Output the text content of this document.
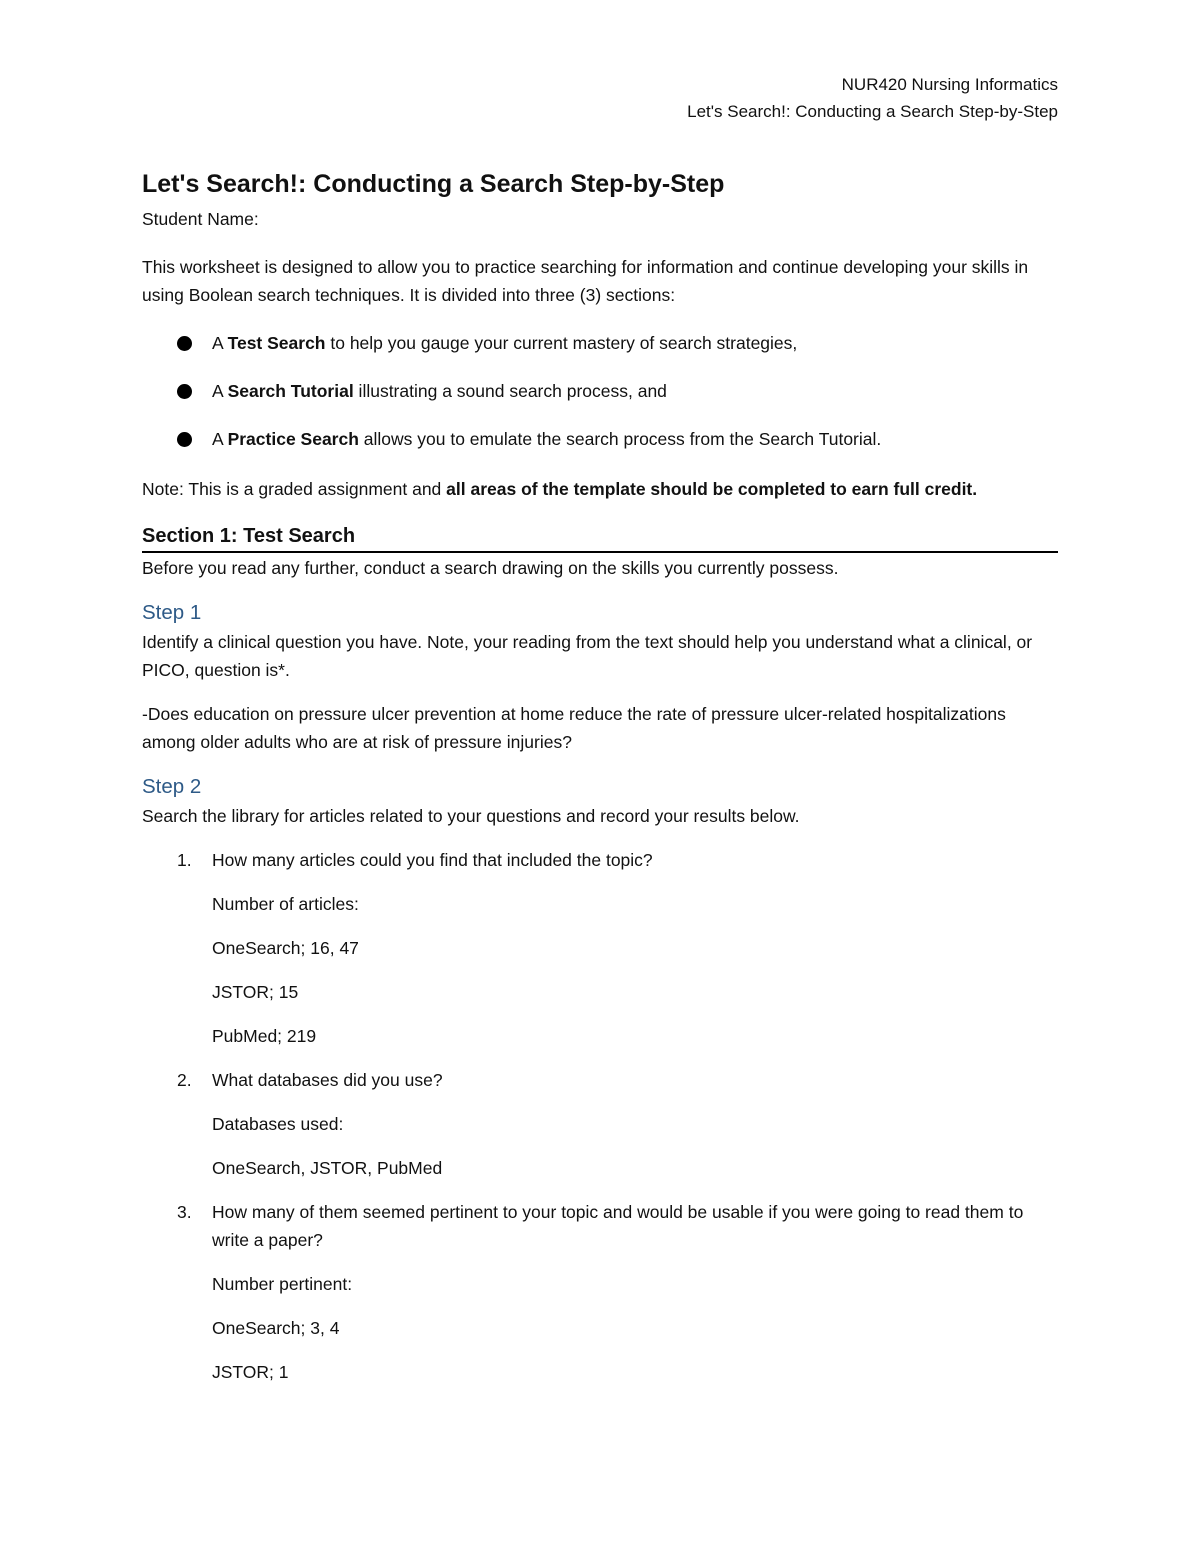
NUR420 Nursing Informatics
Let's Search!: Conducting a Search Step-by-Step
Let's Search!: Conducting a Search Step-by-Step

Student Name:

This worksheet is designed to allow you to practice searching for information and continue developing your skills in using Boolean search techniques. It is divided into three (3) sections:

A Test Search to help you gauge your current mastery of search strategies,
A Search Tutorial illustrating a sound search process, and
A Practice Search allows you to emulate the search process from the Search Tutorial.

Note: This is a graded assignment and all areas of the template should be completed to earn full credit.

Section 1: Test Search

Before you read any further, conduct a search drawing on the skills you currently possess.

Step 1

Identify a clinical question you have. Note, your reading from the text should help you understand what a clinical, or PICO, question is*.

-Does education on pressure ulcer prevention at home reduce the rate of pressure ulcer-related hospitalizations among older adults who are at risk of pressure injuries?

Step 2

Search the library for articles related to your questions and record your results below.

1. How many articles could you find that included the topic?
Number of articles:
OneSearch; 16, 47
JSTOR; 15
PubMed; 219
2. What databases did you use?
Databases used:
OneSearch, JSTOR, PubMed
3. How many of them seemed pertinent to your topic and would be usable if you were going to read them to write a paper?
Number pertinent:
OneSearch; 3, 4
JSTOR; 1
